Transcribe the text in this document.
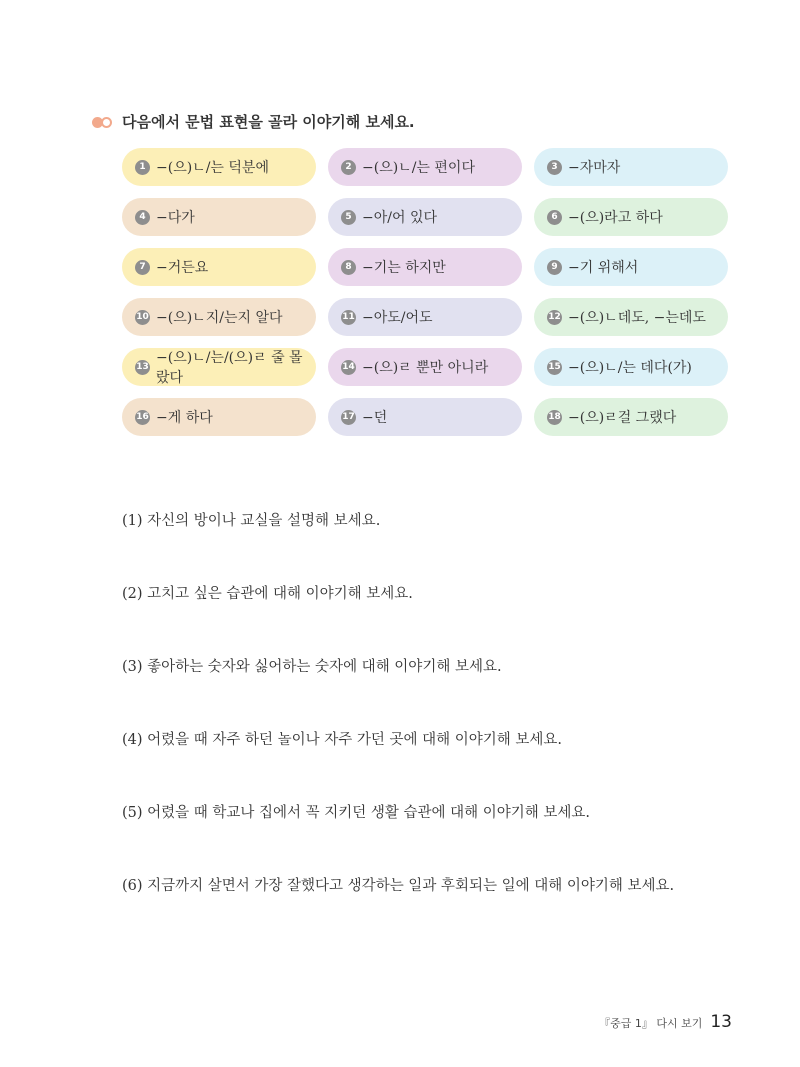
다음에서 문법 표현을 골라 이야기해 보세요.
1 −(으)ㄴ/는 덕분에	2 −(으)ㄴ/는 편이다	3 −자마자
4 −다가	5 −아/어 있다	6 −(으)라고 하다
7 −거든요	8 −기는 하지만	9 −기 위해서
10 −(으)ㄴ지/는지 알다	11 −아도/어도	12 −(으)ㄴ데도, −는데도
13
−(으)ㄴ/는/(으)ㄹ 줄 몰랐다
14 −(으)ㄹ 뿐만 아니라	15 −(으)ㄴ/는 데다(가)
16 −게 하다	17 −던	18 −(으)ㄹ걸 그랬다
(1) 자신의 방이나 교실을 설명해 보세요.
(2) 고치고 싶은 습관에 대해 이야기해 보세요.
(3) 좋아하는 숫자와 싫어하는 숫자에 대해 이야기해 보세요.
(4) 어렸을 때 자주 하던 놀이나 자주 가던 곳에 대해 이야기해 보세요.
(5) 어렸을 때 학교나 집에서 꼭 지키던 생활 습관에 대해 이야기해 보세요.
(6) 지금까지 살면서 가장 잘했다고 생각하는 일과 후회되는 일에 대해 이야기해 보세요.
『중급 1』 다시 보기 13
